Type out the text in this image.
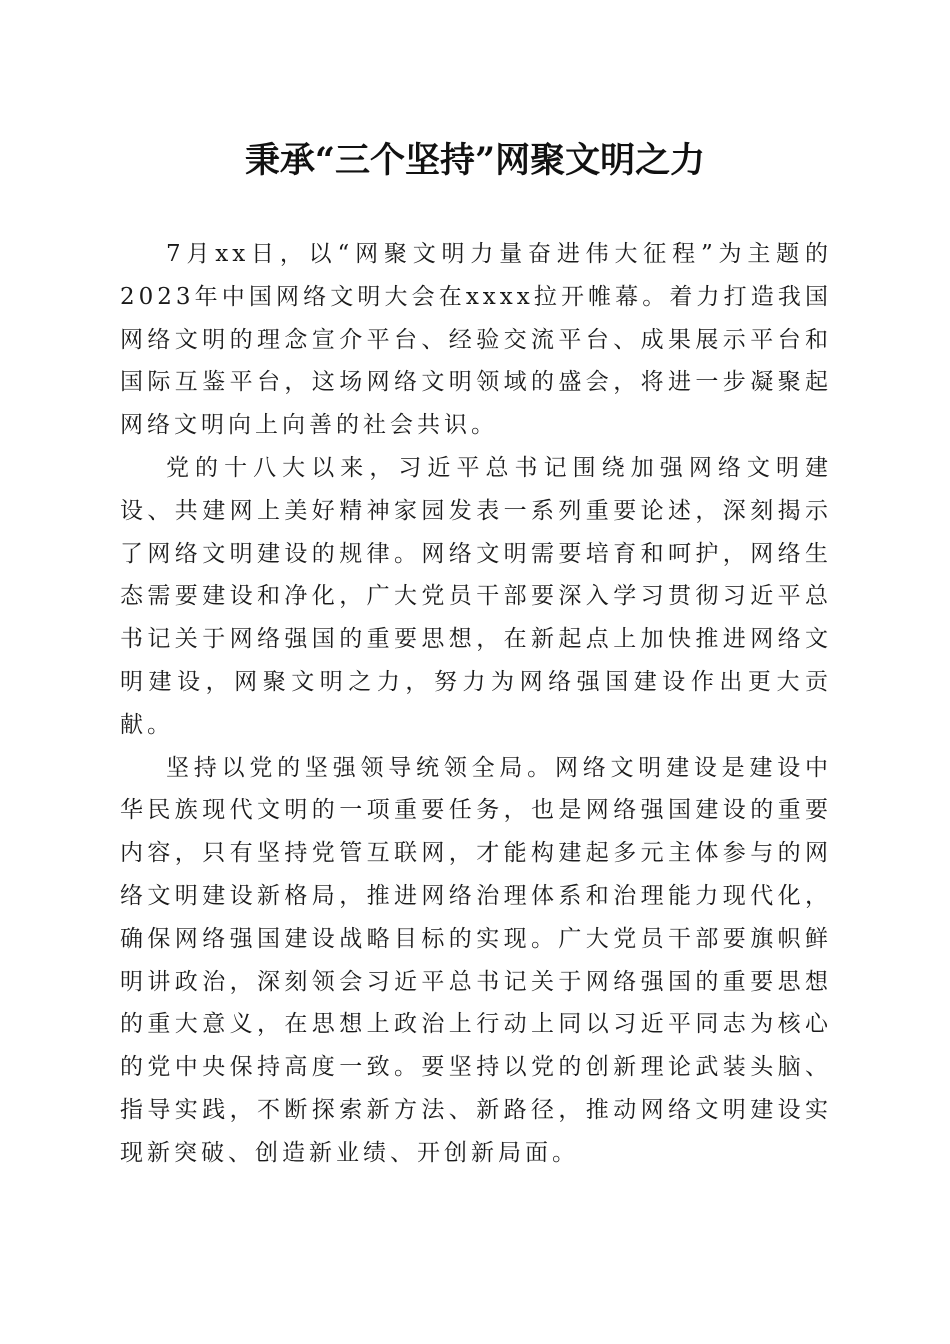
秉承“三个坚持”网聚文明之力

7月xx日，以“网聚文明力量奋进伟大征程”为主题的2023年中国网络文明大会在xxxx拉开帷幕。着力打造我国网络文明的理念宣介平台、经验交流平台、成果展示平台和国际互鉴平台，这场网络文明领域的盛会，将进一步凝聚起网络文明向上向善的社会共识。

党的十八大以来，习近平总书记围绕加强网络文明建设、共建网上美好精神家园发表一系列重要论述，深刻揭示了网络文明建设的规律。网络文明需要培育和呵护，网络生态需要建设和净化，广大党员干部要深入学习贯彻习近平总书记关于网络强国的重要思想，在新起点上加快推进网络文明建设，网聚文明之力，努力为网络强国建设作出更大贡献。

坚持以党的坚强领导统领全局。网络文明建设是建设中华民族现代文明的一项重要任务，也是网络强国建设的重要内容，只有坚持党管互联网，才能构建起多元主体参与的网络文明建设新格局，推进网络治理体系和治理能力现代化，确保网络强国建设战略目标的实现。广大党员干部要旗帜鲜明讲政治，深刻领会习近平总书记关于网络强国的重要思想的重大意义，在思想上政治上行动上同以习近平同志为核心的党中央保持高度一致。要坚持以党的创新理论武装头脑、指导实践，不断探索新方法、新路径，推动网络文明建设实现新突破、创造新业绩、开创新局面。
